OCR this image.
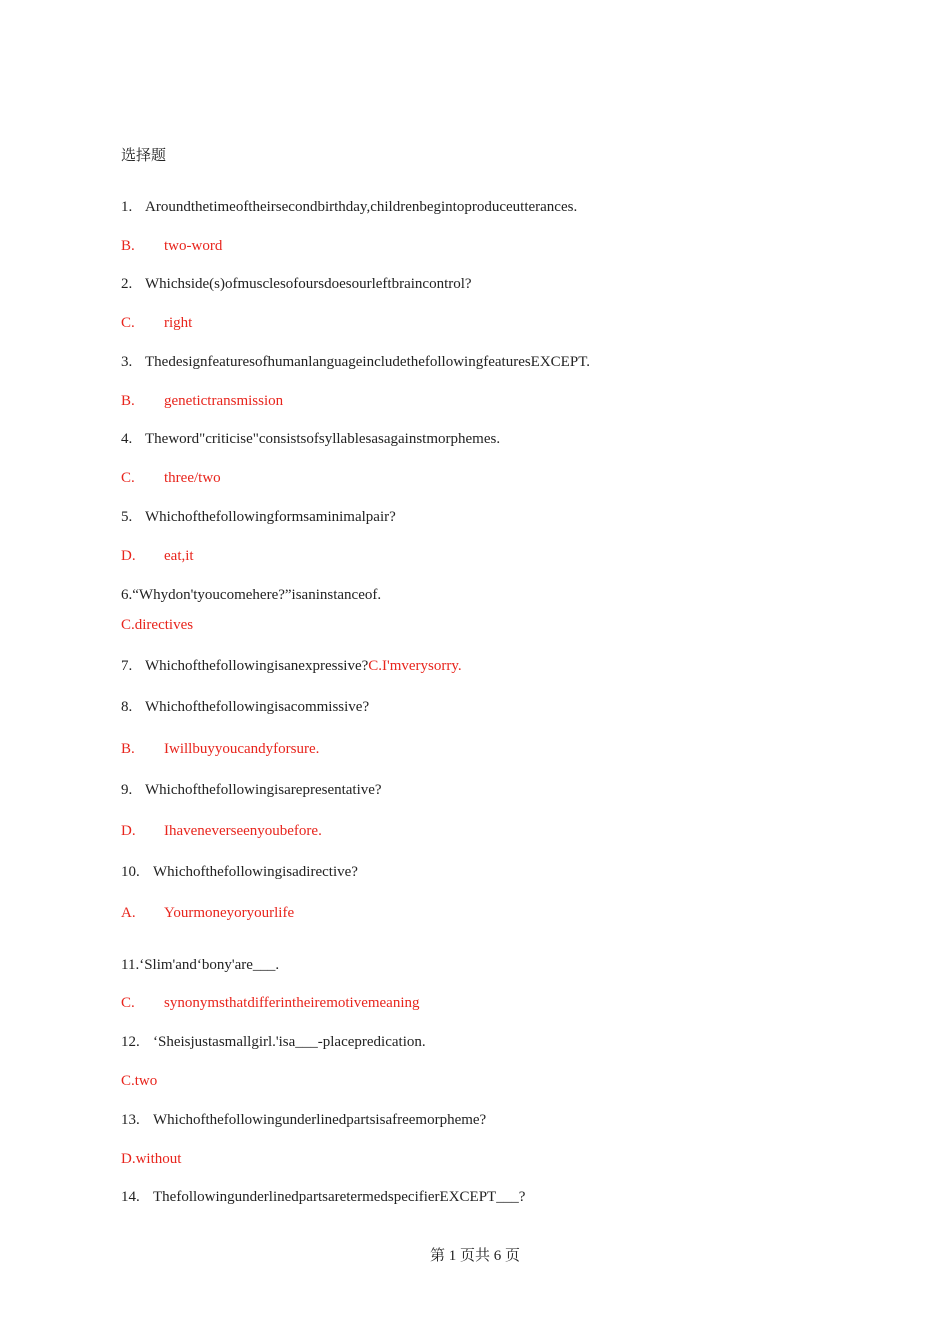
选择题
1. Aroundthetimeoftheirsecondbirthday,childrenbegintoproduceutterances.
B. two-word
2. Whichside(s)ofmusclesofoursdoesourleftbraincontrol?
C. right
3. ThedesignfeaturesofhumanlanguageincludethefollowingfeaturesEXCEPT.
B. genetictransmission
4. Theword"criticise"consistsofsyllablesasagainstmorphemes.
C. three/two
5. Whichofthefollowingformsaminimalpair?
D. eat,it
6.“Whydon'tyoucomehere?”isaninstanceof.
C.directives
7. Whichofthefollowingisanexpressive?C.I'mverysorry.
8. Whichofthefollowingisacommissive?
B. Iwillbuyyoucandyforsure.
9. Whichofthefollowingisarepresentative?
D. Ihaveneverseenyoubefore.
10. Whichofthefollowingisadirective?
A. Yourmoneyoryourlife
11.‘Slim'and‘bony'are___.
C. synonymsthatdifferintheiremotivemeaning
12. ‘Sheisjustasmallgirl.'isa___-placepredication.
C.two
13. Whichofthefollowingunderlinedpartsisafreemorpheme?
D.without
14. ThefollowingunderlinedpartsaretermedspecifierEXCEPT___?
第 1 页共 6 页
